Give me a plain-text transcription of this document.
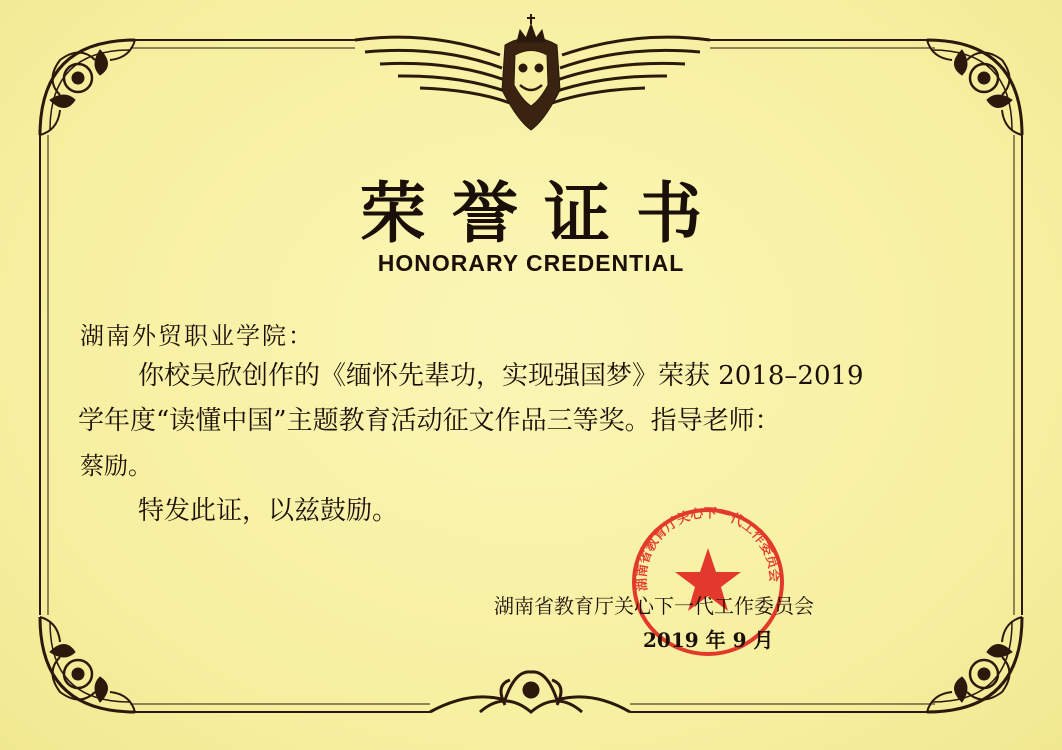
荣誉证书
HONORARY CREDENTIAL
湖南外贸职业学院：
你校吴欣创作的《缅怀先辈功，实现强国梦》荣获 2018–2019
学年度“读懂中国”主题教育活动征文作品三等奖。指导老师：
蔡励。
特发此证，以兹鼓励。
湖南省教育厅关心下一代工作委员会
湖南省教育厅关心下一代工作委员会
2019 年 9 月
